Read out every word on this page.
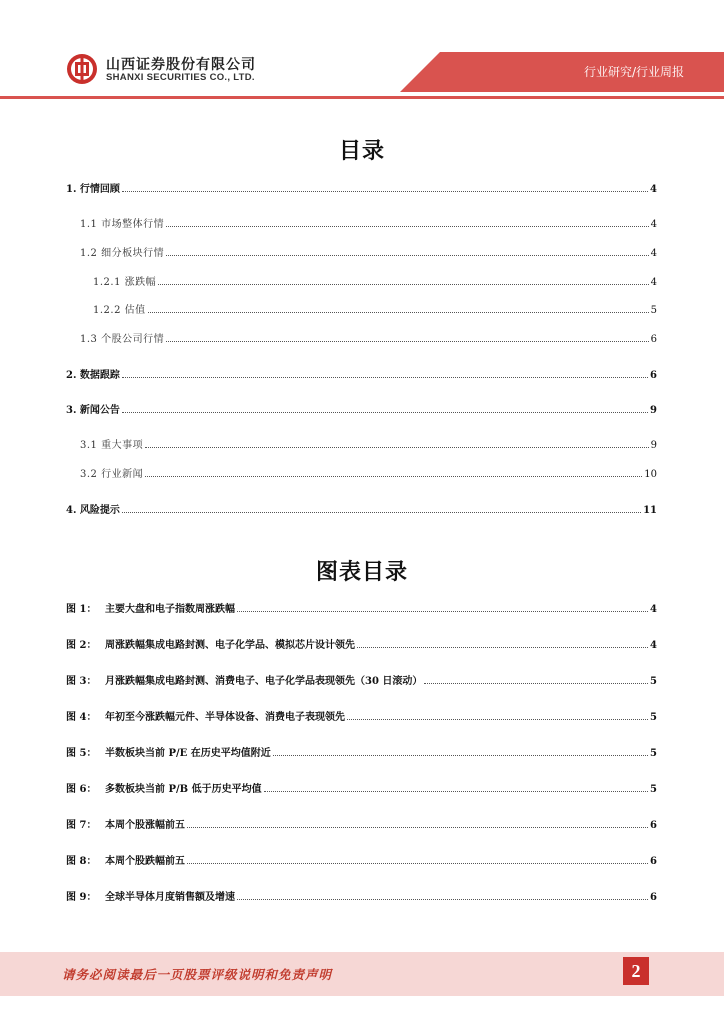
山西证券股份有限公司
SHANXI SECURITIES CO., LTD.	行业研究/行业周报
目录
1. 行情回顾	4
1.1 市场整体行情	4
1.2 细分板块行情	4
1.2.1 涨跌幅	4
1.2.2 估值	5
1.3 个股公司行情	6
2. 数据跟踪	6
3. 新闻公告	9
3.1 重大事项	9
3.2 行业新闻	10
4. 风险提示	11
图表目录
图 1： 主要大盘和电子指数周涨跌幅	4
图 2： 周涨跌幅集成电路封测、电子化学品、模拟芯片设计领先	4
图 3： 月涨跌幅集成电路封测、消费电子、电子化学品表现领先（30 日滚动）	5
图 4： 年初至今涨跌幅元件、半导体设备、消费电子表现领先	5
图 5： 半数板块当前 P/E 在历史平均值附近	5
图 6： 多数板块当前 P/B 低于历史平均值	5
图 7： 本周个股涨幅前五	6
图 8： 本周个股跌幅前五	6
图 9： 全球半导体月度销售额及增速	6
请务必阅读最后一页股票评级说明和免责声明	2
